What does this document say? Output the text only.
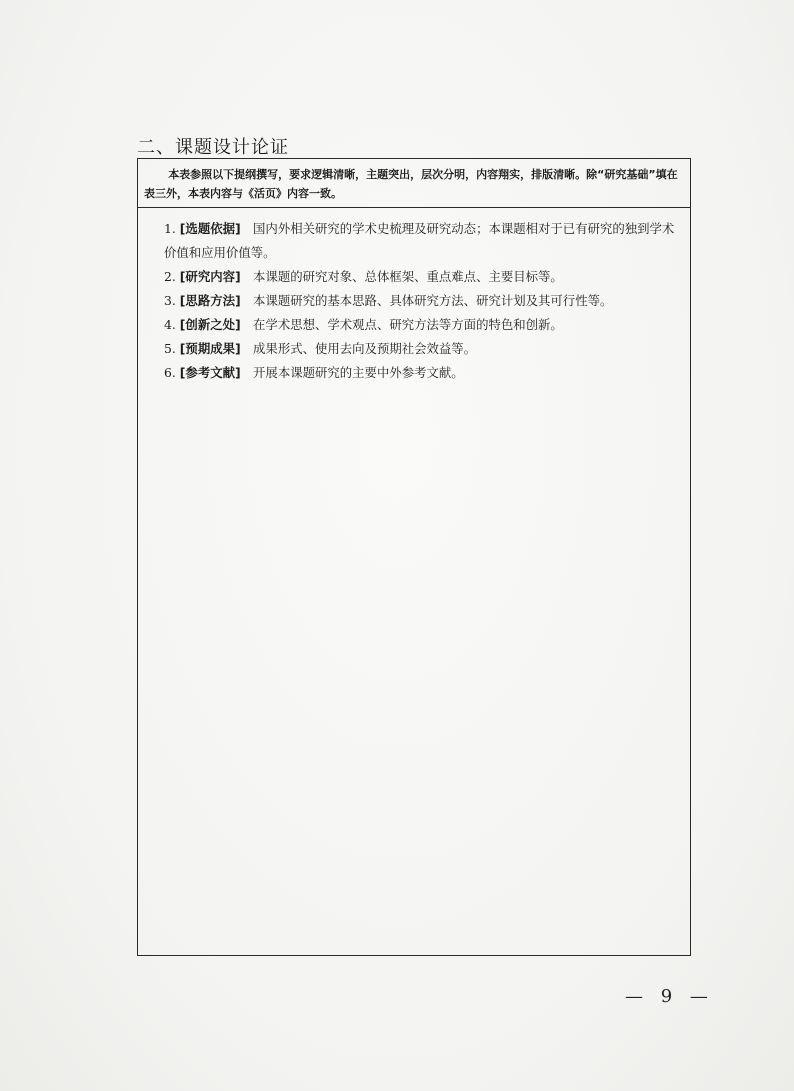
二、课题设计论证
本表参照以下提纲撰写，要求逻辑清晰，主题突出，层次分明，内容翔实，排版清晰。除“研究基础”填在表三外，本表内容与《活页》内容一致。
1. [选题依据]　国内外相关研究的学术史梳理及研究动态；本课题相对于已有研究的独到学术价值和应用价值等。
2. [研究内容]　本课题的研究对象、总体框架、重点难点、主要目标等。
3. [思路方法]　本课题研究的基本思路、具体研究方法、研究计划及其可行性等。
4. [创新之处]　在学术思想、学术观点、研究方法等方面的特色和创新。
5. [预期成果]　成果形式、使用去向及预期社会效益等。
6. [参考文献]　开展本课题研究的主要中外参考文献。
— 9 —
